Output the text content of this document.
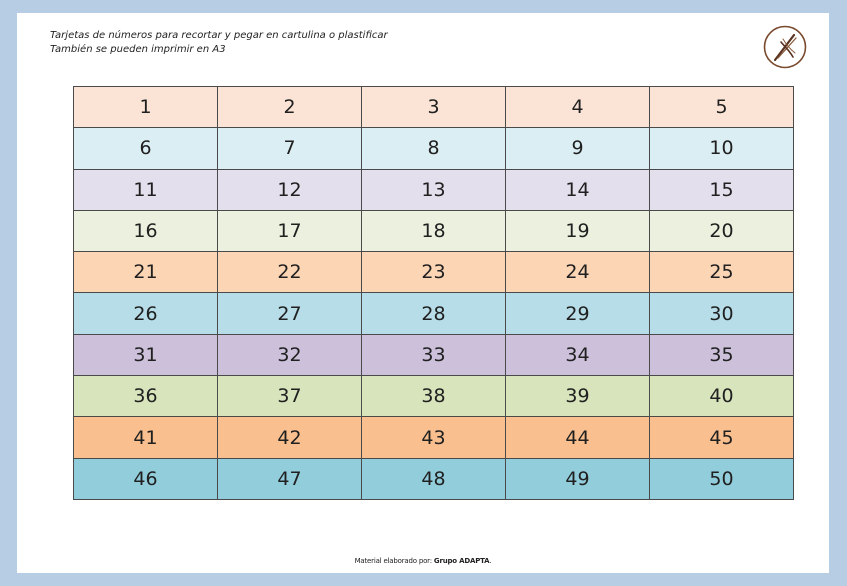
Tarjetas de números para recortar y pegar en cartulina o plastificar
También se pueden imprimir en A3
1	2	3	4	5
6	7	8	9	10
11	12	13	14	15
16	17	18	19	20
21	22	23	24	25
26	27	28	29	30
31	32	33	34	35
36	37	38	39	40
41	42	43	44	45
46	47	48	49	50
Material elaborado por: Grupo ADAPTA.
